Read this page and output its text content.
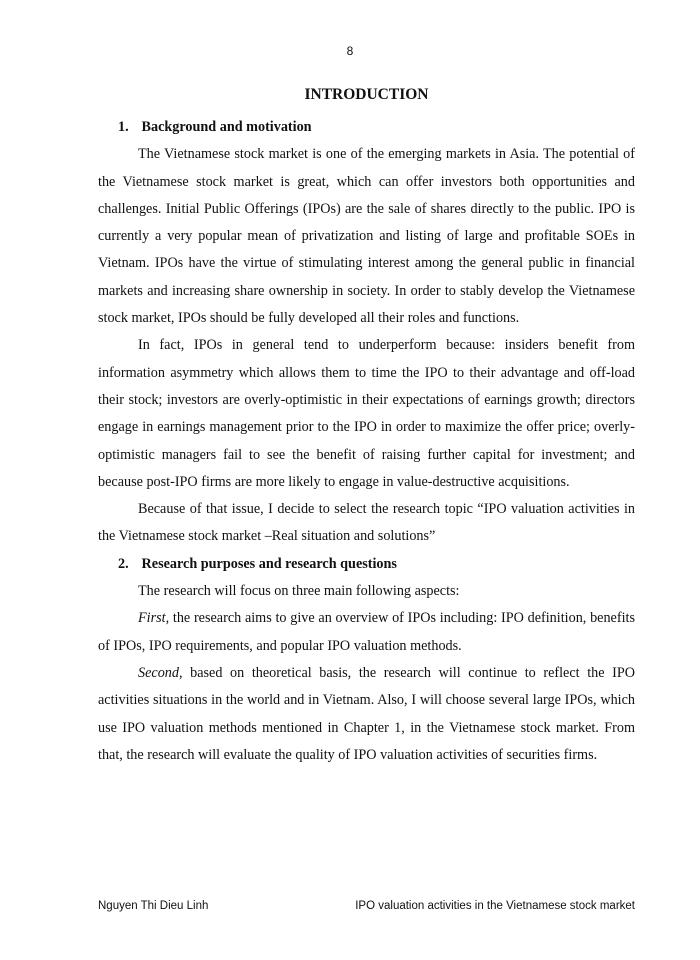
8
INTRODUCTION
1. Background and motivation

The Vietnamese stock market is one of the emerging markets in Asia. The potential of the Vietnamese stock market is great, which can offer investors both opportunities and challenges. Initial Public Offerings (IPOs) are the sale of shares directly to the public. IPO is currently a very popular mean of privatization and listing of large and profitable SOEs in Vietnam. IPOs have the virtue of stimulating interest among the general public in financial markets and increasing share ownership in society. In order to stably develop the Vietnamese stock market, IPOs should be fully developed all their roles and functions.

In fact, IPOs in general tend to underperform because: insiders benefit from information asymmetry which allows them to time the IPO to their advantage and off-load their stock; investors are overly-optimistic in their expectations of earnings growth; directors engage in earnings management prior to the IPO in order to maximize the offer price; overly-optimistic managers fail to see the benefit of raising further capital for investment; and because post-IPO firms are more likely to engage in value-destructive acquisitions.

Because of that issue, I decide to select the research topic “IPO valuation activities in the Vietnamese stock market –Real situation and solutions”

2. Research purposes and research questions

The research will focus on three main following aspects:

First, the research aims to give an overview of IPOs including: IPO definition, benefits of IPOs, IPO requirements, and popular IPO valuation methods.

Second, based on theoretical basis, the research will continue to reflect the IPO activities situations in the world and in Vietnam. Also, I will choose several large IPOs, which use IPO valuation methods mentioned in Chapter 1, in the Vietnamese stock market. From that, the research will evaluate the quality of IPO valuation activities of securities firms.

Nguyen Thi Dieu Linh	IPO valuation activities in the Vietnamese stock market
